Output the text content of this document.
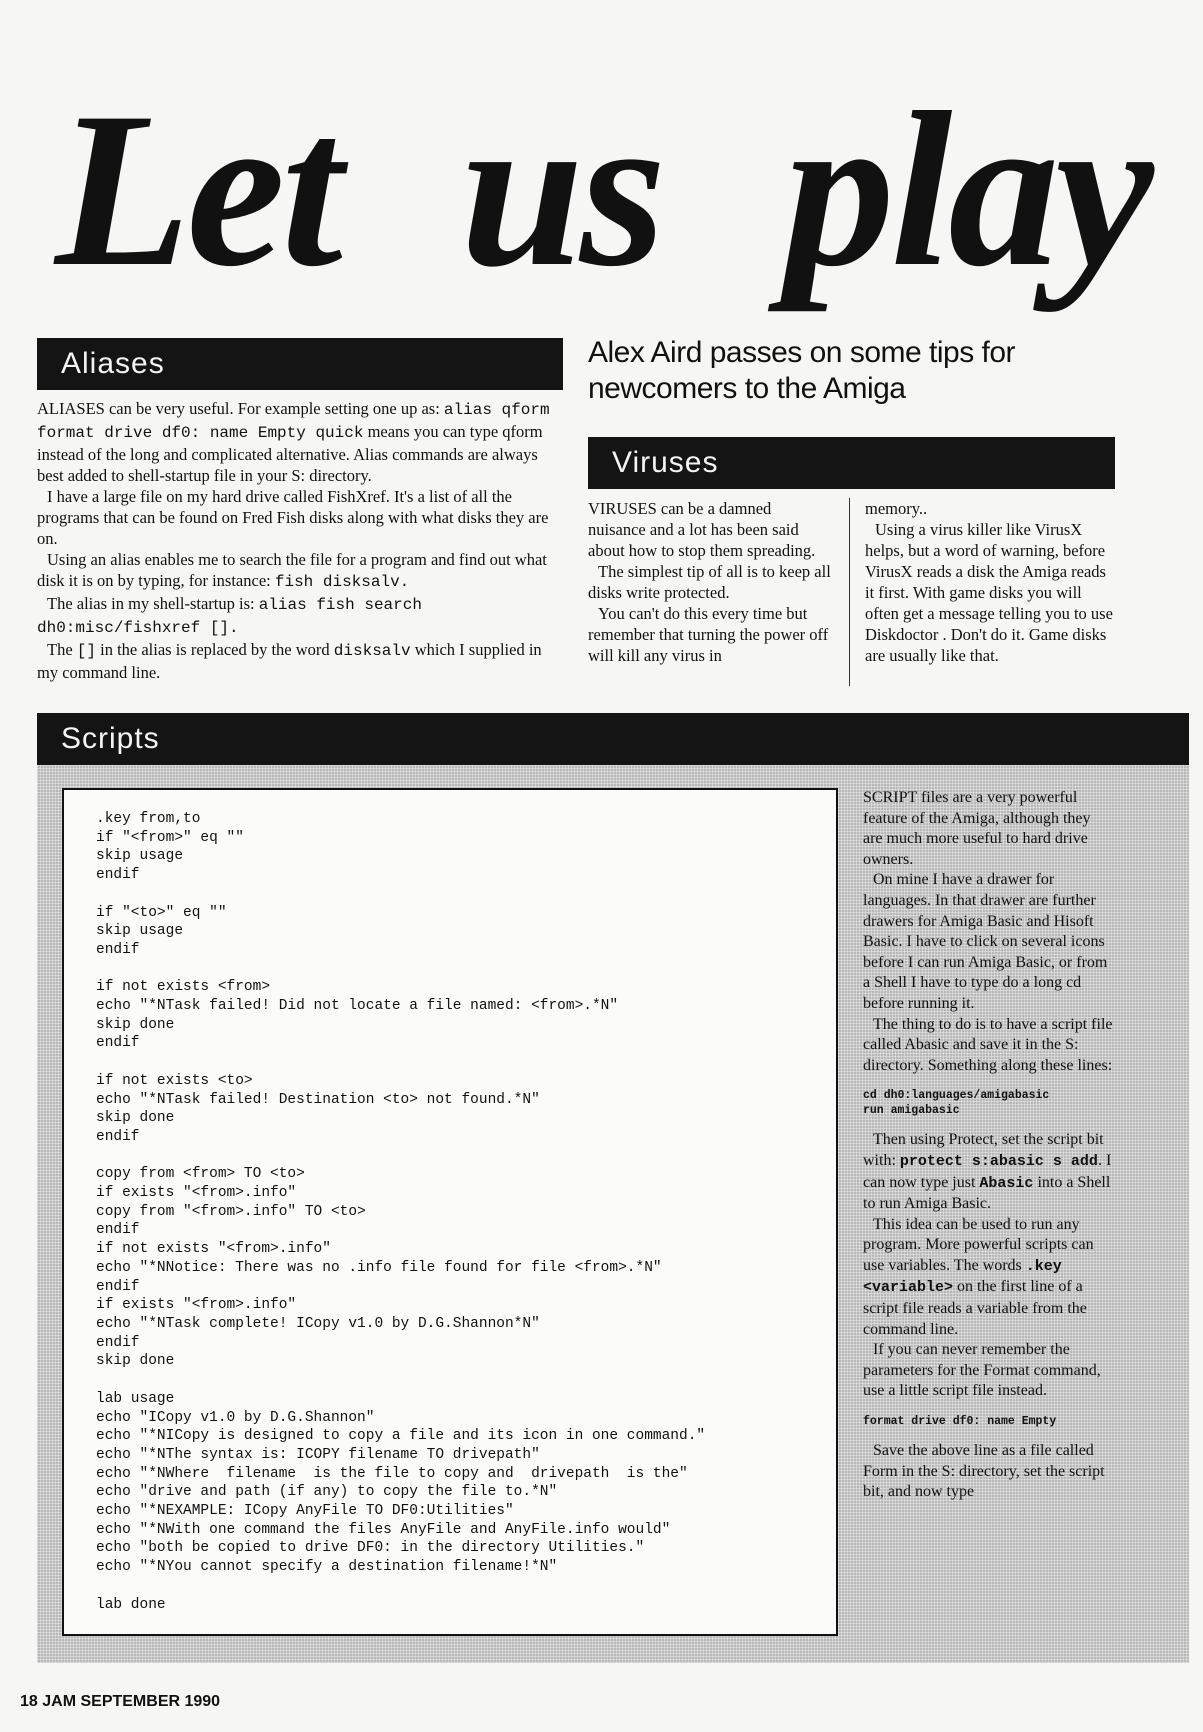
Let us play
Aliases	Alex Aird passes on some tips for newcomers to the Amiga

ALIASES can be very useful. For example setting one up as: alias qform format drive df0: name Empty quick means you can type qform instead of the long and complicated alternative. Alias commands are always best added to shell-startup file in your S: directory.

I have a large file on my hard drive called FishXref. It's a list of all the programs that can be found on Fred Fish disks along with what disks they are on.

Using an alias enables me to search the file for a program and find out what disk it is on by typing, for instance: fish disksalv.

The alias in my shell-startup is: alias fish search dh0:misc/fishxref [].

The [] in the alias is replaced by the word disksalv which I supplied in my command line.

Viruses

VIRUSES can be a damned nuisance and a lot has been said about how to stop them spreading.

The simplest tip of all is to keep all disks write protected.

You can't do this every time but remember that turning the power off will kill any virus in

memory..

Using a virus killer like VirusX helps, but a word of warning, before VirusX reads a disk the Amiga reads it first. With game disks you will often get a message telling you to use Diskdoctor . Don't do it. Game disks are usually like that.

Scripts
.key from,to
if "<from>" eq ""
skip usage
endif

if "<to>" eq ""
skip usage
endif

if not exists <from>
echo "*NTask failed! Did not locate a file named: <from>.*N"
skip done
endif

if not exists <to>
echo "*NTask failed! Destination <to> not found.*N"
skip done
endif

copy from <from> TO <to>
if exists "<from>.info"
copy from "<from>.info" TO <to>
endif
if not exists "<from>.info"
echo "*NNotice: There was no .info file found for file <from>.*N"
endif
if exists "<from>.info"
echo "*NTask complete! ICopy v1.0 by D.G.Shannon*N"
endif
skip done

lab usage
echo "ICopy v1.0 by D.G.Shannon"
echo "*NICopy is designed to copy a file and its icon in one command."
echo "*NThe syntax is: ICOPY filename TO drivepath"
echo "*NWhere  filename  is the file to copy and  drivepath  is the"
echo "drive and path (if any) to copy the file to.*N"
echo "*NEXAMPLE: ICopy AnyFile TO DF0:Utilities"
echo "*NWith one command the files AnyFile and AnyFile.info would"
echo "both be copied to drive DF0: in the directory Utilities."
echo "*NYou cannot specify a destination filename!*N"

lab done

SCRIPT files are a very powerful feature of the Amiga, although they are much more useful to hard drive owners.

On mine I have a drawer for languages. In that drawer are further drawers for Amiga Basic and Hisoft Basic. I have to click on several icons before I can run Amiga Basic, or from a Shell I have to type do a long cd before running it.

The thing to do is to have a script file called Abasic and save it in the S: directory. Something along these lines:

cd dh0:languages/amigabasic
run amigabasic

Then using Protect, set the script bit with: protect s:abasic s add. I can now type just Abasic into a Shell to run Amiga Basic.

This idea can be used to run any program. More powerful scripts can use variables. The words .key <variable> on the first line of a script file reads a variable from the command line.

If you can never remember the parameters for the Format command, use a little script file instead.

format drive df0: name Empty

Save the above line as a file called Form in the S: directory, set the script bit, and now type

18 JAM SEPTEMBER 1990
